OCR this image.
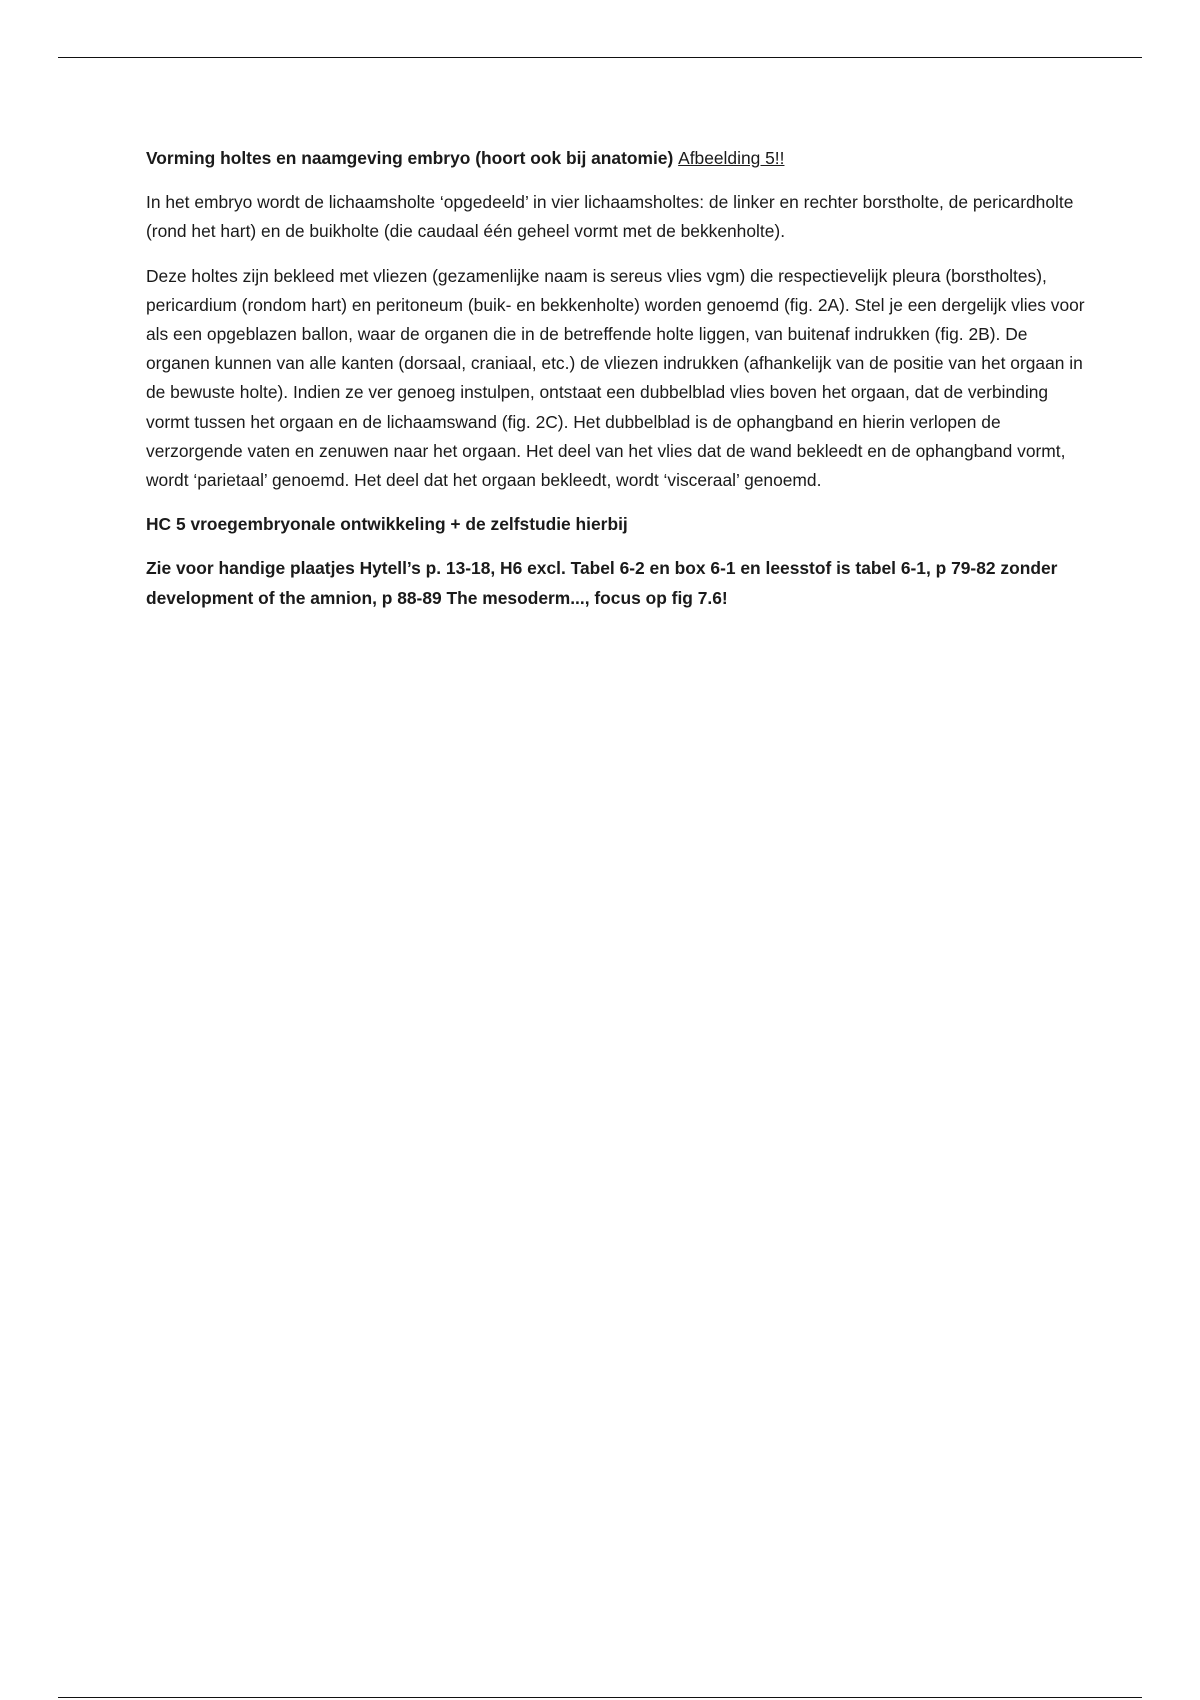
Vorming holtes en naamgeving embryo (hoort ook bij anatomie) Afbeelding 5!!

In het embryo wordt de lichaamsholte ‘opgedeeld’ in vier lichaamsholtes: de linker en rechter borstholte, de pericardholte (rond het hart) en de buikholte (die caudaal één geheel vormt met de bekkenholte).

Deze holtes zijn bekleed met vliezen (gezamenlijke naam is sereus vlies vgm) die respectievelijk pleura (borstholtes), pericardium (rondom hart) en peritoneum (buik- en bekkenholte) worden genoemd (fig. 2A). Stel je een dergelijk vlies voor als een opgeblazen ballon, waar de organen die in de betreffende holte liggen, van buitenaf indrukken (fig. 2B). De organen kunnen van alle kanten (dorsaal, craniaal, etc.) de vliezen indrukken (afhankelijk van de positie van het orgaan in de bewuste holte). Indien ze ver genoeg instulpen, ontstaat een dubbelblad vlies boven het orgaan, dat de verbinding vormt tussen het orgaan en de lichaamswand (fig. 2C). Het dubbelblad is de ophangband en hierin verlopen de verzorgende vaten en zenuwen naar het orgaan. Het deel van het vlies dat de wand bekleedt en de ophangband vormt, wordt ‘parietaal’ genoemd. Het deel dat het orgaan bekleedt, wordt ‘visceraal’ genoemd.

HC 5 vroegembryonale ontwikkeling + de zelfstudie hierbij

Zie voor handige plaatjes Hytell’s p. 13-18, H6 excl. Tabel 6-2 en box 6-1 en leesstof is tabel 6-1, p 79-82 zonder development of the amnion, p 88-89 The mesoderm..., focus op fig 7.6!
